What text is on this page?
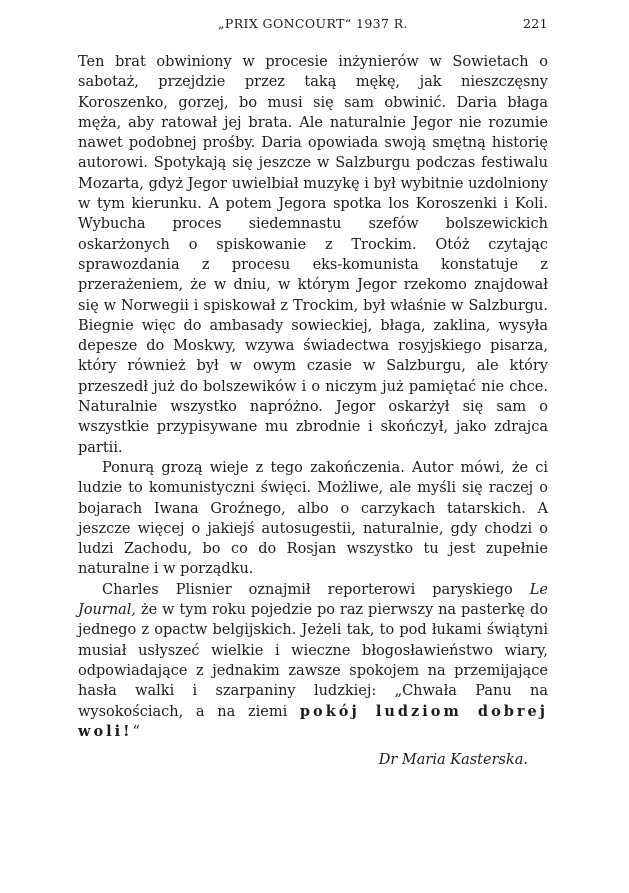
„PRIX GONCOURT“ 1937 R.	221

Ten brat obwiniony w procesie inżynierów w Sowietach o sabotaż, przejdzie przez taką mękę, jak nieszczęsny Koroszenko, gorzej, bo musi się sam obwinić. Daria błaga męża, aby ratował jej brata. Ale naturalnie Jegor nie rozumie nawet podobnej prośby. Daria opowiada swoją smętną historię autorowi. Spotykają się jeszcze w Salzburgu podczas festiwalu Mozarta, gdyż Jegor uwielbiał muzykę i był wybitnie uzdolniony w tym kierunku. A potem Jegora spotka los Koroszenki i Koli. Wybucha proces siedemnastu szefów bolszewickich oskarżonych o spiskowanie z Trockim. Otóż czytając sprawozdania z procesu eks-komunista konstatuje z przerażeniem, że w dniu, w którym Jegor rzekomo znajdował się w Norwegii i spiskował z Trockim, był właśnie w Salzburgu. Biegnie więc do ambasady sowieckiej, błaga, zaklina, wysyła depesze do Moskwy, wzywa świadectwa rosyjskiego pisarza, który również był w owym czasie w Salzburgu, ale który przeszedł już do bolszewików i o niczym już pamiętać nie chce. Naturalnie wszystko napróżno. Jegor oskarżył się sam o wszystkie przypisywane mu zbrodnie i skończył, jako zdrajca partii.

Ponurą grozą wieje z tego zakończenia. Autor mówi, że ci ludzie to komunistyczni święci. Możliwe, ale myśli się raczej o bojarach Iwana Groźnego, albo o carzykach tatarskich. A jeszcze więcej o jakiejś autosugestii, naturalnie, gdy chodzi o ludzi Zachodu, bo co do Rosjan wszystko tu jest zupełnie naturalne i w porządku.

Charles Plisnier oznajmił reporterowi paryskiego Le Journal, że w tym roku pojedzie po raz pierwszy na pasterkę do jednego z opactw belgijskich. Jeżeli tak, to pod łukami świątyni musiał usłyszeć wielkie i wieczne błogosławieństwo wiary, odpowiadające z jednakim zawsze spokojem na przemijające hasła walki i szarpaniny ludzkiej: „Chwała Panu na wysokościach, a na ziemi pokój ludziom dobrej woli!“

Dr Maria Kasterska.
